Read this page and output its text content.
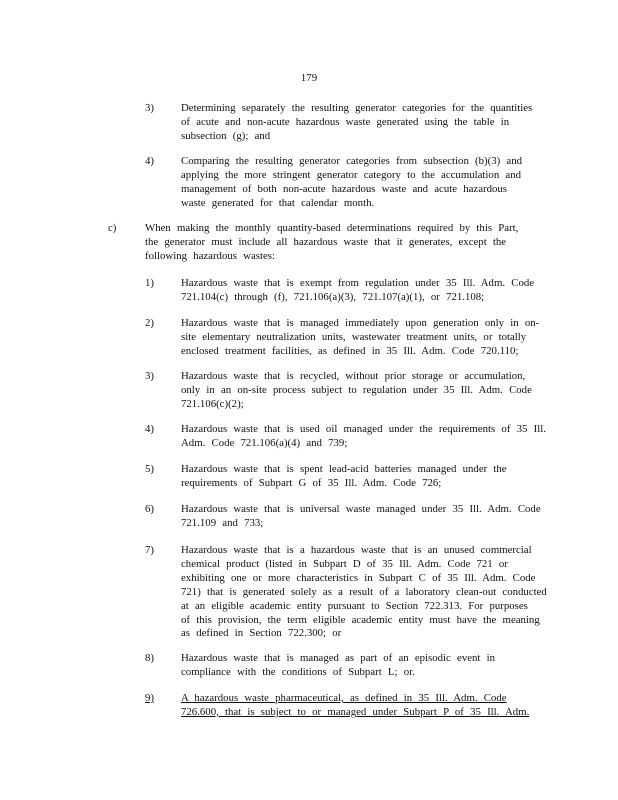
179
3)	Determining separately the resulting generator categories for the quantities
of acute and non-acute hazardous waste generated using the table in
subsection (g); and
4)	Comparing the resulting generator categories from subsection (b)(3) and
applying the more stringent generator category to the accumulation and
management of both non-acute hazardous waste and acute hazardous
waste generated for that calendar month.
c)	When making the monthly quantity-based determinations required by this Part,
the generator must include all hazardous waste that it generates, except the
following hazardous wastes:
1)	Hazardous waste that is exempt from regulation under 35 Ill. Adm. Code
721.104(c) through (f), 721.106(a)(3), 721.107(a)(1), or 721.108;
2)	Hazardous waste that is managed immediately upon generation only in on-
site elementary neutralization units, wastewater treatment units, or totally
enclosed treatment facilities, as defined in 35 Ill. Adm. Code 720.110;
3)	Hazardous waste that is recycled, without prior storage or accumulation,
only in an on-site process subject to regulation under 35 Ill. Adm. Code
721.106(c)(2);
4)	Hazardous waste that is used oil managed under the requirements of 35 Ill.
Adm. Code 721.106(a)(4) and 739;
5)	Hazardous waste that is spent lead-acid batteries managed under the
requirements of Subpart G of 35 Ill. Adm. Code 726;
6)	Hazardous waste that is universal waste managed under 35 Ill. Adm. Code
721.109 and 733;
7)	Hazardous waste that is a hazardous waste that is an unused commercial
chemical product (listed in Subpart D of 35 Ill. Adm. Code 721 or
exhibiting one or more characteristics in Subpart C of 35 Ill. Adm. Code
721) that is generated solely as a result of a laboratory clean-out conducted
at an eligible academic entity pursuant to Section 722.313. For purposes
of this provision, the term eligible academic entity must have the meaning
as defined in Section 722.300; or
8)	Hazardous waste that is managed as part of an episodic event in
compliance with the conditions of Subpart L; or.
9)	A hazardous waste pharmaceutical, as defined in 35 Ill. Adm. Code
726.600, that is subject to or managed under Subpart P of 35 Ill. Adm.
